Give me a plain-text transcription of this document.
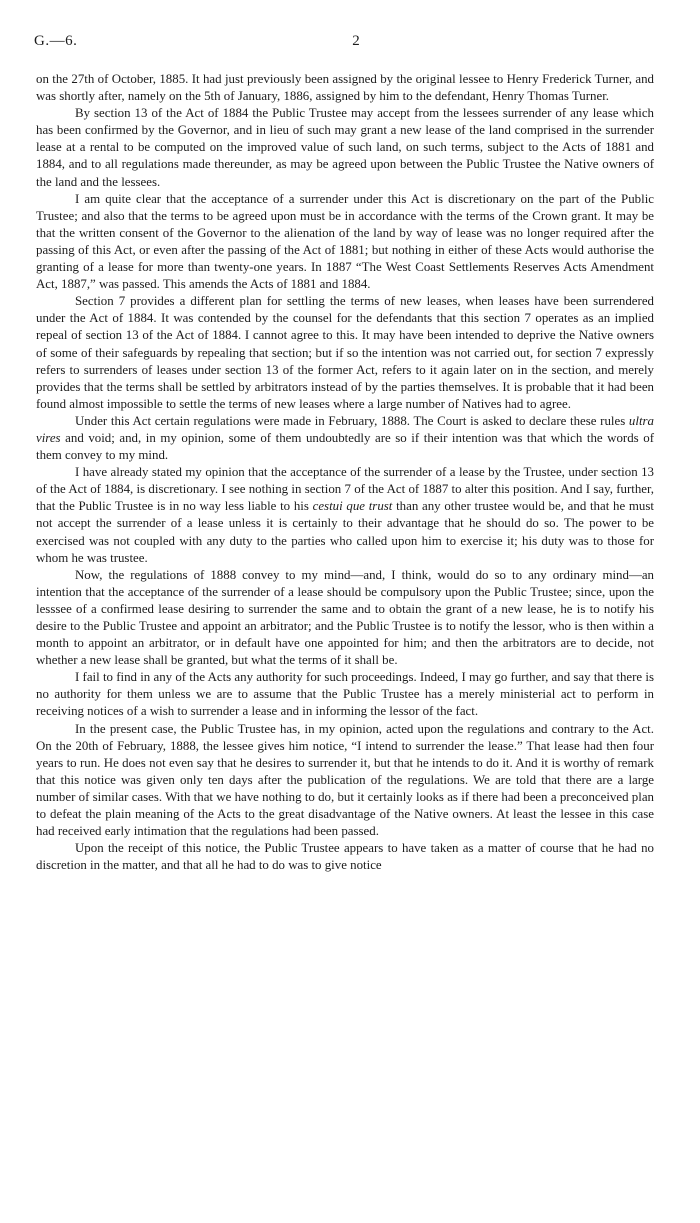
G.—6.	2

on the 27th of October, 1885. It had just previously been assigned by the original lessee to Henry Frederick Turner, and was shortly after, namely on the 5th of January, 1886, assigned by him to the defendant, Henry Thomas Turner.

By section 13 of the Act of 1884 the Public Trustee may accept from the lessees surrender of any lease which has been confirmed by the Governor, and in lieu of such may grant a new lease of the land comprised in the surrender lease at a rental to be computed on the improved value of such land, on such terms, subject to the Acts of 1881 and 1884, and to all regulations made thereunder, as may be agreed upon between the Public Trustee the Native owners of the land and the lessees.

I am quite clear that the acceptance of a surrender under this Act is discretionary on the part of the Public Trustee; and also that the terms to be agreed upon must be in accordance with the terms of the Crown grant. It may be that the written consent of the Governor to the alienation of the land by way of lease was no longer required after the passing of this Act, or even after the passing of the Act of 1881; but nothing in either of these Acts would authorise the granting of a lease for more than twenty-one years. In 1887 “The West Coast Settlements Reserves Acts Amendment Act, 1887,” was passed. This amends the Acts of 1881 and 1884.

Section 7 provides a different plan for settling the terms of new leases, when leases have been surrendered under the Act of 1884. It was contended by the counsel for the defendants that this section 7 operates as an implied repeal of section 13 of the Act of 1884. I cannot agree to this. It may have been intended to deprive the Native owners of some of their safeguards by repealing that section; but if so the intention was not carried out, for section 7 expressly refers to surrenders of leases under section 13 of the former Act, refers to it again later on in the section, and merely provides that the terms shall be settled by arbitrators instead of by the parties themselves. It is probable that it had been found almost impossible to settle the terms of new leases where a large number of Natives had to agree.

Under this Act certain regulations were made in February, 1888. The Court is asked to declare these rules ultra vires and void; and, in my opinion, some of them undoubtedly are so if their intention was that which the words of them convey to my mind.

I have already stated my opinion that the acceptance of the surrender of a lease by the Trustee, under section 13 of the Act of 1884, is discretionary. I see nothing in section 7 of the Act of 1887 to alter this position. And I say, further, that the Public Trustee is in no way less liable to his cestui que trust than any other trustee would be, and that he must not accept the surrender of a lease unless it is certainly to their advantage that he should do so. The power to be exercised was not coupled with any duty to the parties who called upon him to exercise it; his duty was to those for whom he was trustee.

Now, the regulations of 1888 convey to my mind—and, I think, would do so to any ordinary mind—an intention that the acceptance of the surrender of a lease should be compulsory upon the Public Trustee; since, upon the lesssee of a confirmed lease desiring to surrender the same and to obtain the grant of a new lease, he is to notify his desire to the Public Trustee and appoint an arbitrator; and the Public Trustee is to notify the lessor, who is then within a month to appoint an arbitrator, or in default have one appointed for him; and then the arbitrators are to decide, not whether a new lease shall be granted, but what the terms of it shall be.

I fail to find in any of the Acts any authority for such proceedings. Indeed, I may go further, and say that there is no authority for them unless we are to assume that the Public Trustee has a merely ministerial act to perform in receiving notices of a wish to surrender a lease and in informing the lessor of the fact.

In the present case, the Public Trustee has, in my opinion, acted upon the regulations and contrary to the Act. On the 20th of February, 1888, the lessee gives him notice, “I intend to surrender the lease.” That lease had then four years to run. He does not even say that he desires to surrender it, but that he intends to do it. And it is worthy of remark that this notice was given only ten days after the publication of the regulations. We are told that there are a large number of similar cases. With that we have nothing to do, but it certainly looks as if there had been a preconceived plan to defeat the plain meaning of the Acts to the great disadvantage of the Native owners. At least the lessee in this case had received early intimation that the regulations had been passed.

Upon the receipt of this notice, the Public Trustee appears to have taken as a matter of course that he had no discretion in the matter, and that all he had to do was to give notice
